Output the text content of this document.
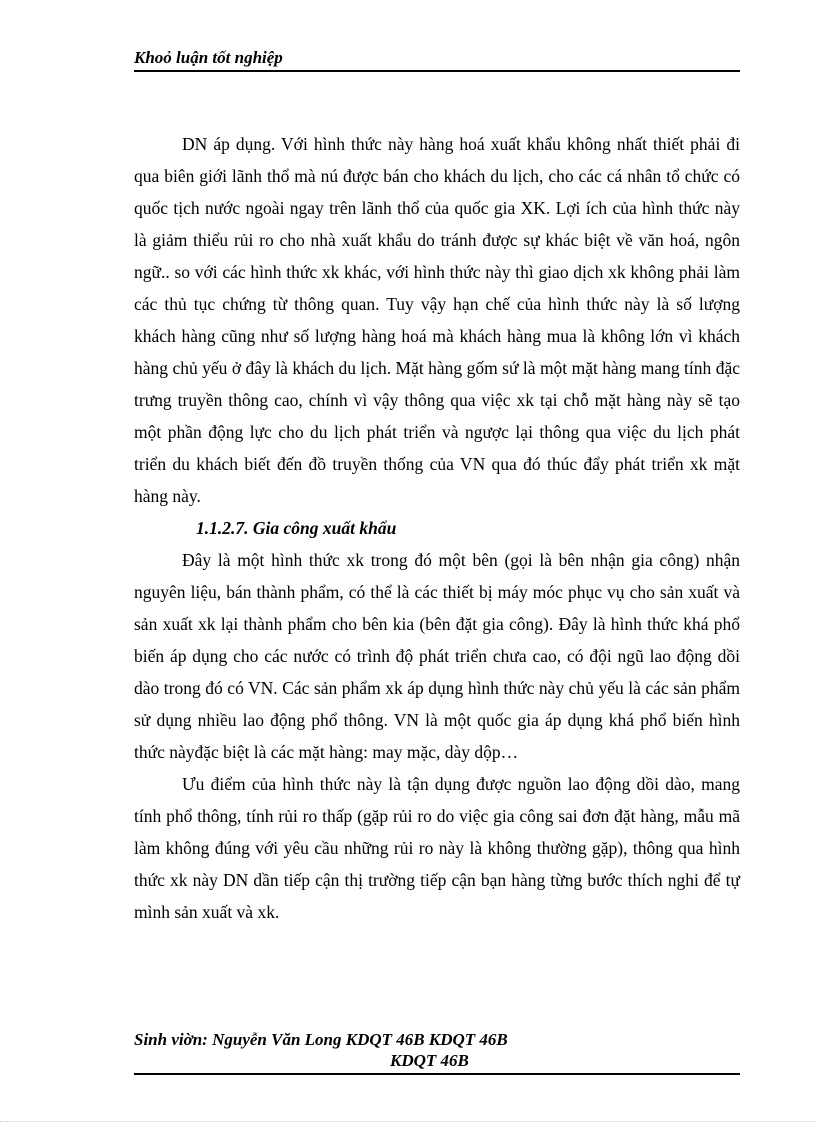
Khoỏ luận tốt nghiệp

DN áp dụng. Với hình thức này hàng hoá xuất khẩu không nhất thiết phải đi qua biên giới lãnh thổ mà nú được bán cho khách du lịch, cho các cá nhân tổ chức có quốc tịch nước ngoài ngay trên lãnh thổ của quốc gia XK. Lợi ích của hình thức này là giảm thiểu rủi ro cho nhà xuất khẩu do tránh được sự khác biệt về văn hoá, ngôn ngữ.. so với các hình thức xk khác, với hình thức này thì giao dịch xk không phải làm các thủ tục chứng từ thông quan. Tuy vậy hạn chế của hình thức này là số lượng khách hàng cũng như số lượng hàng hoá mà khách hàng mua là không lớn vì khách hàng chủ yếu ở đây là khách du lịch. Mặt hàng gốm sứ là một mặt hàng mang tính đặc trưng truyền thông cao, chính vì vậy thông qua việc xk tại chỗ mặt hàng này sẽ tạo một phần động lực cho du lịch phát triển và ngược lại thông qua việc du lịch phát triển du khách biết đến đồ truyền thống của VN qua đó thúc đẩy phát triển xk mặt hàng này.

1.1.2.7. Gia công xuất khẩu

Đây là một hình thức xk trong đó một bên (gọi là bên nhận gia công) nhận nguyên liệu, bán thành phẩm, có thể là các thiết bị máy móc phục vụ cho sản xuất và sản xuất xk lại thành phẩm cho bên kia (bên đặt gia công). Đây là hình thức khá phổ biến áp dụng cho các nước có trình độ phát triển chưa cao, có đội ngũ lao động dồi dào trong đó có VN. Các sản phẩm xk áp dụng hình thức này chủ yếu là các sản phẩm sử dụng nhiều lao động phổ thông. VN là một quốc gia áp dụng khá phổ biến hình thức nàyđặc biệt là các mặt hàng: may mặc, dày dộp…

Ưu điểm của hình thức này là tận dụng được nguồn lao động dồi dào, mang tính phổ thông, tính rủi ro thấp (gặp rủi ro do việc gia công sai đơn đặt hàng, mẫu mã làm không đúng với yêu cầu những rủi ro này là không thường gặp), thông qua hình thức xk này DN dần tiếp cận thị trường tiếp cận bạn hàng từng bước thích nghi để tự mình sản xuất và xk.

Sinh viờn: Nguyễn Văn Long KDQT 46B KDQT 46B
KDQT 46B
